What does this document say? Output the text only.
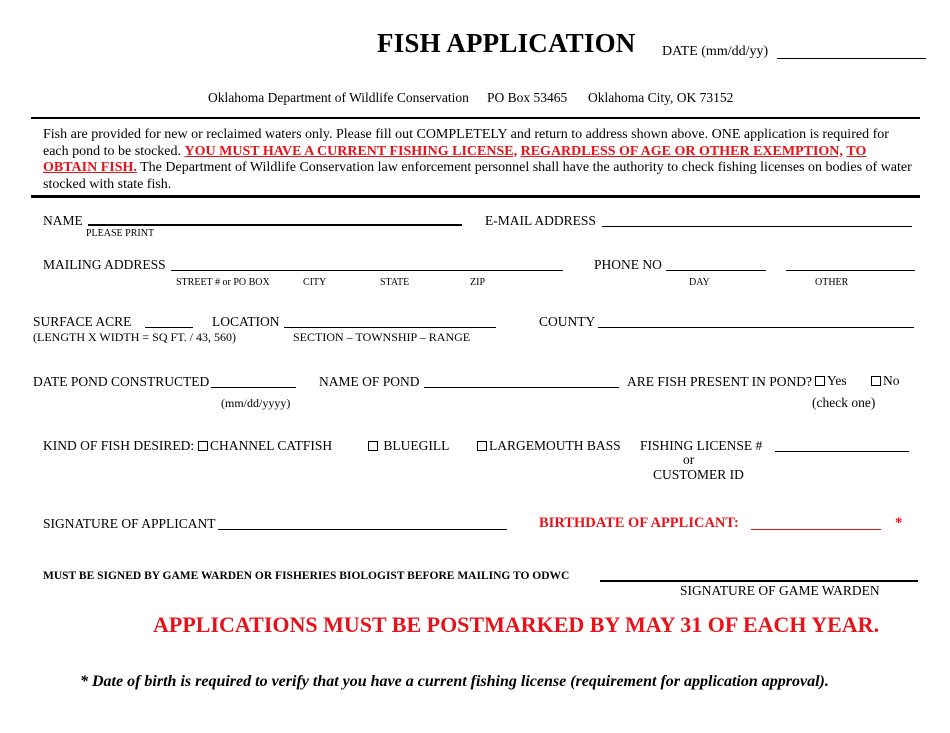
FISH APPLICATION DATE (mm/dd/yy)
Oklahoma Department of Wildlife Conservation PO Box 53465 Oklahoma City, OK 73152
Fish are provided for new or reclaimed waters only. Please fill out COMPLETELY and return to address shown above. ONE application is required for each pond to be stocked. YOU MUST HAVE A CURRENT FISHING LICENSE, REGARDLESS OF AGE OR OTHER EXEMPTION, TO OBTAIN FISH. The Department of Wildlife Conservation law enforcement personnel shall have the authority to check fishing licenses on bodies of water stocked with state fish.
NAME
PLEASE PRINT
E-MAIL ADDRESS
MAILING ADDRESS
STREET # or PO BOX	CITY	STATE	ZIP
PHONE NO
DAY	OTHER
SURFACE ACRE
(LENGTH X WIDTH = SQ FT. / 43, 560)
LOCATION
SECTION – TOWNSHIP – RANGE
COUNTY
DATE POND CONSTRUCTED
(mm/dd/yyyy)
NAME OF POND	ARE FISH PRESENT IN POND?	Yes	No
(check one)
KIND OF FISH DESIRED:	CHANNEL CATFISH	BLUEGILL	LARGEMOUTH BASS FISHING LICENSE #
or
CUSTOMER ID
SIGNATURE OF APPLICANT	BIRTHDATE OF APPLICANT:	*
MUST BE SIGNED BY GAME WARDEN OR FISHERIES BIOLOGIST BEFORE MAILING TO ODWC
SIGNATURE OF GAME WARDEN
APPLICATIONS MUST BE POSTMARKED BY MAY 31 OF EACH YEAR.
* Date of birth is required to verify that you have a current fishing license (requirement for application approval).
